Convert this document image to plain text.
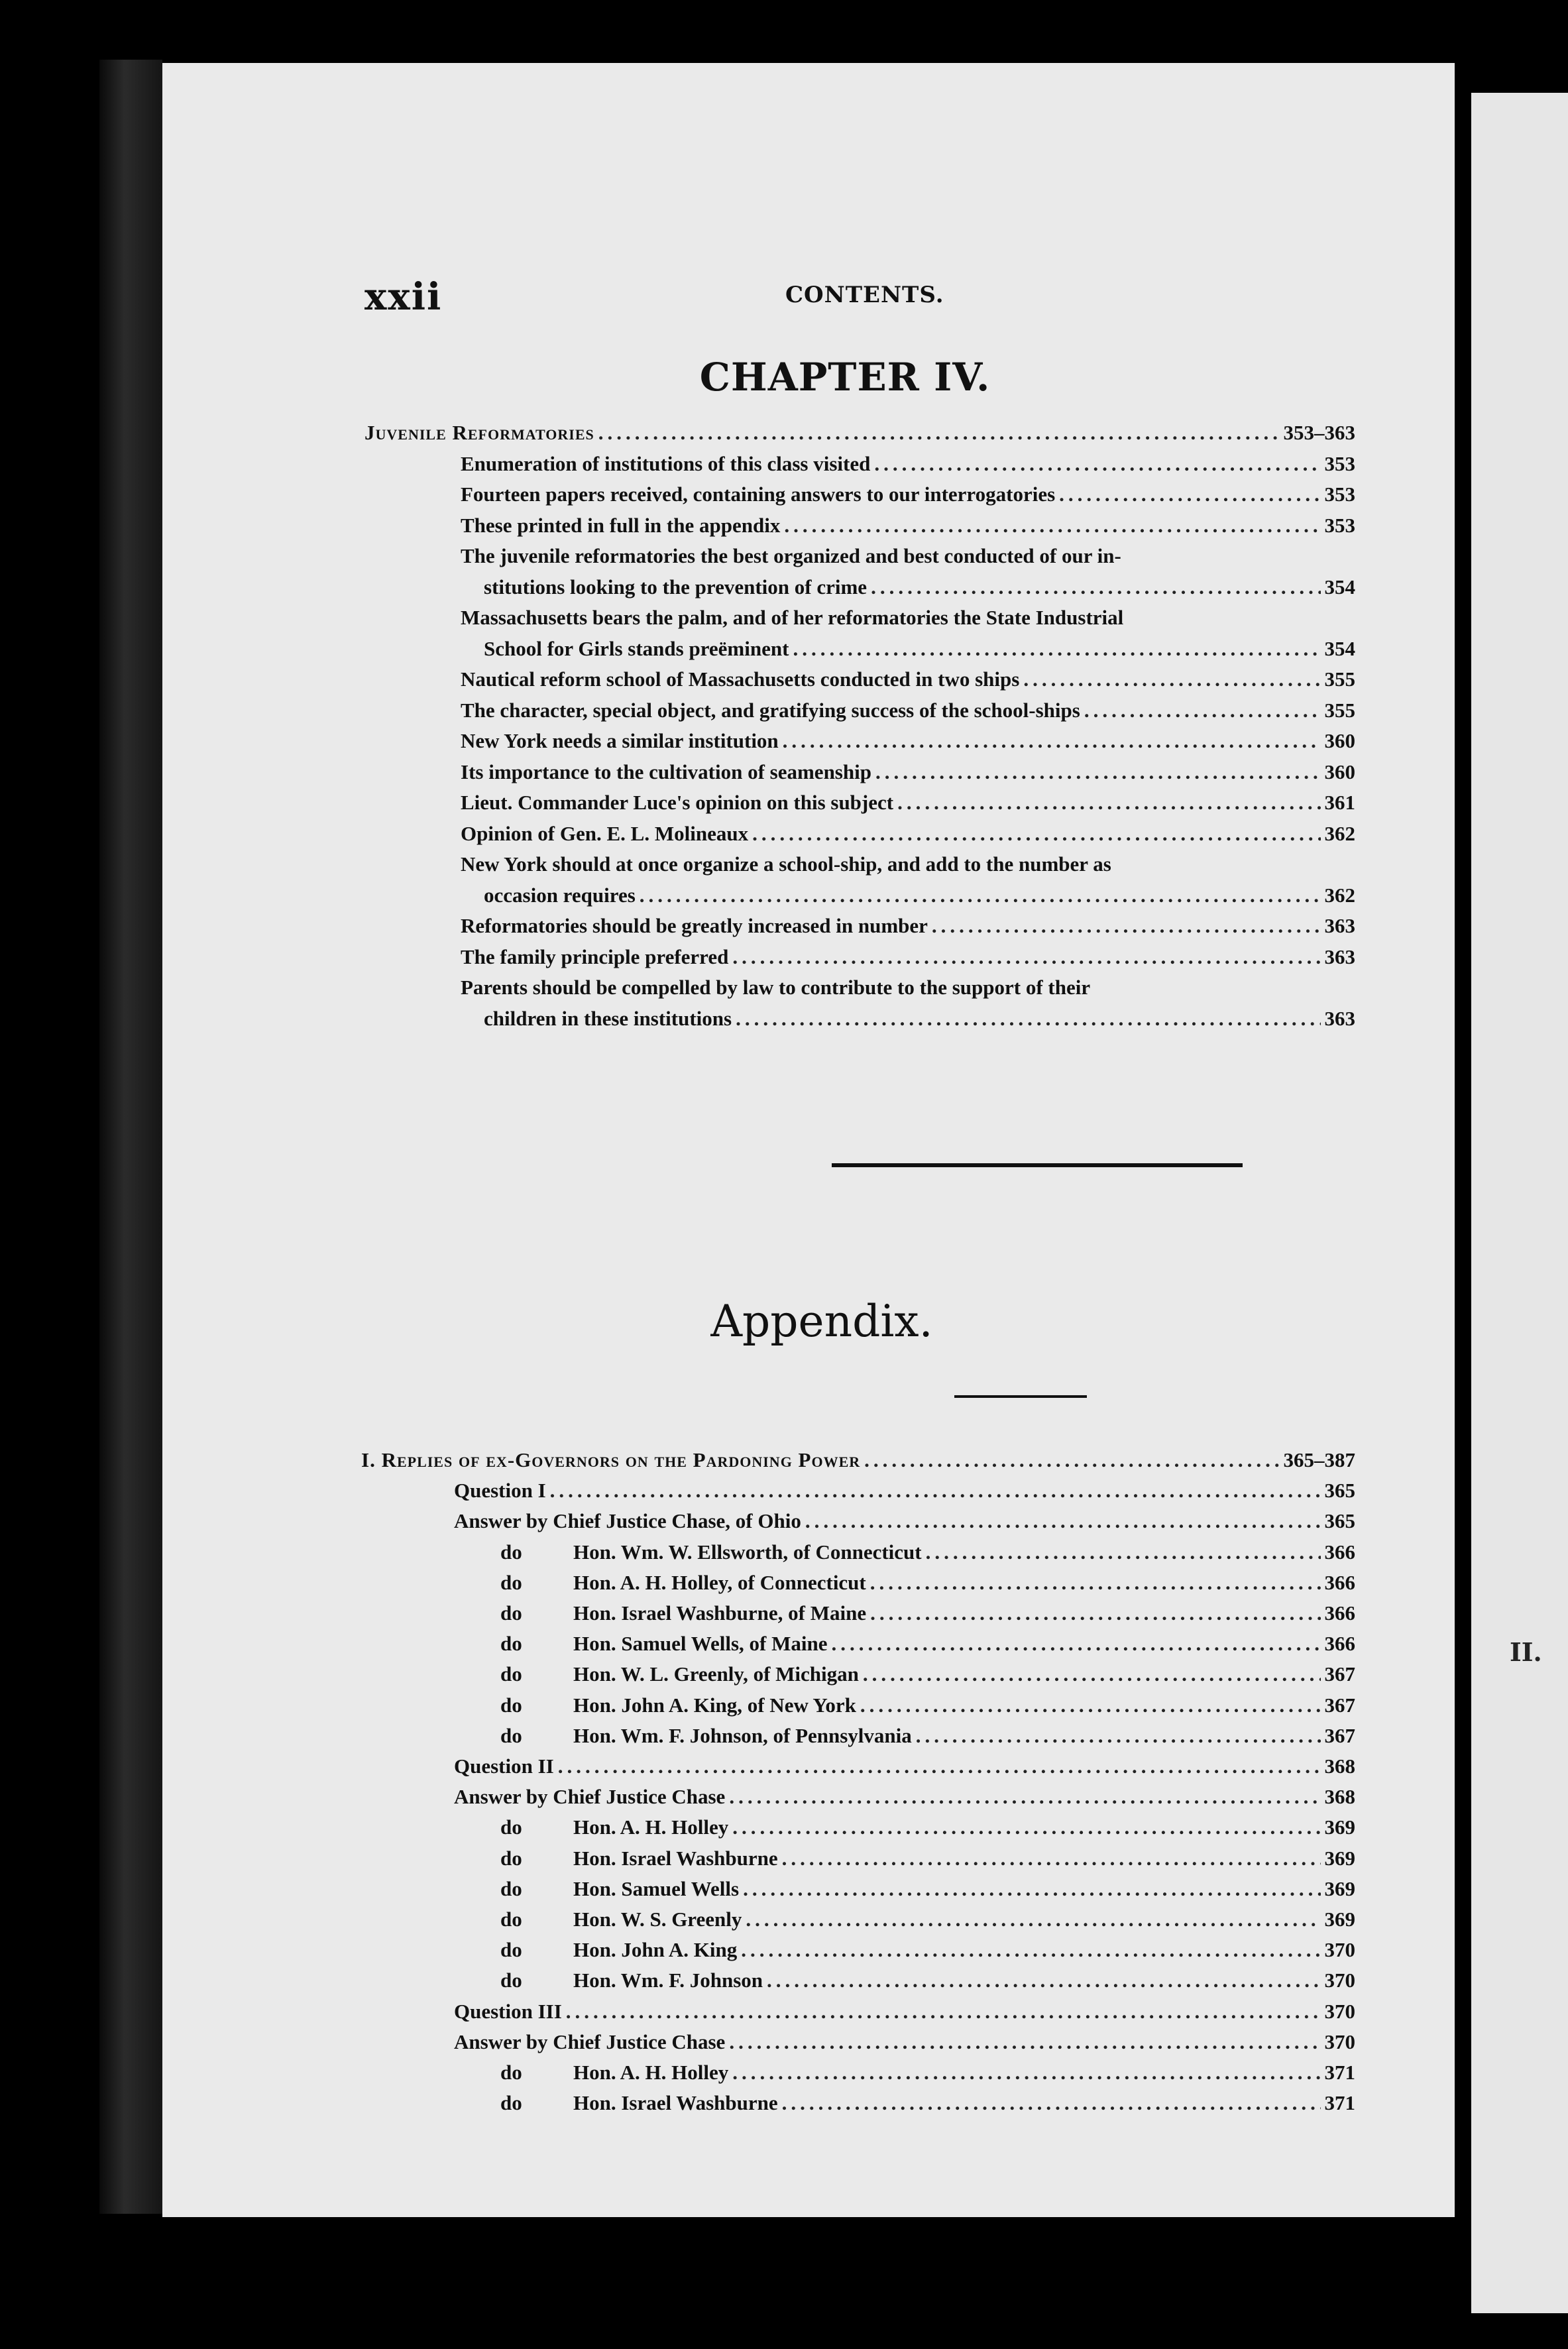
xxii	CONTENTS.
CHAPTER IV.
Juvenile Reformatories .....	353–363
Enumeration of institutions of this class visited .....	353
Fourteen papers received, containing answers to our interrogatories .....	353
These printed in full in the appendix .....	353
The juvenile reformatories the best organized and best conducted of our in-
stitutions looking to the prevention of crime .....	354
Massachusetts bears the palm, and of her reformatories the State Industrial
School for Girls stands preëminent .....	354
Nautical reform school of Massachusetts conducted in two ships .....	355
The character, special object, and gratifying success of the school-ships .....	355
New York needs a similar institution .....	360
Its importance to the cultivation of seamenship .....	360
Lieut. Commander Luce's opinion on this subject .....	361
Opinion of Gen. E. L. Molineaux .....	362
New York should at once organize a school-ship, and add to the number as
occasion requires .....	362
Reformatories should be greatly increased in number .....	363
The family principle preferred .....	363
Parents should be compelled by law to contribute to the support of their
children in these institutions .....	363
Appendix.
I. Replies of ex-Governors on the Pardoning Power .....	365–387
Question I .....	365
Answer by Chief Justice Chase, of Ohio .....	365
do Hon. Wm. W. Ellsworth, of Connecticut .....	366
do Hon. A. H. Holley, of Connecticut .....	366
do Hon. Israel Washburne, of Maine .....	366
do Hon. Samuel Wells, of Maine .....	366
do Hon. W. L. Greenly, of Michigan .....	367
do Hon. John A. King, of New York .....	367
do Hon. Wm. F. Johnson, of Pennsylvania .....	367
Question II .....	368
Answer by Chief Justice Chase .....	368
do Hon. A. H. Holley .....	369
do Hon. Israel Washburne .....	369
do Hon. Samuel Wells .....	369
do Hon. W. S. Greenly .....	369
do Hon. John A. King .....	370
do Hon. Wm. F. Johnson .....	370
Question III .....	370
Answer by Chief Justice Chase .....	370
do Hon. A. H. Holley .....	371
do Hon. Israel Washburne .....	371
II.
